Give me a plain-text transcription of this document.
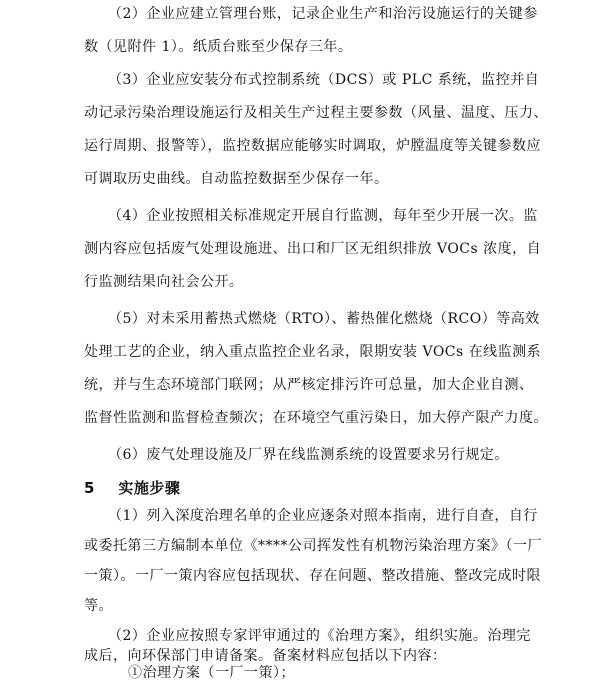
（2）企业应建立管理台账，记录企业生产和治污设施运行的关键参
数（见附件 1）。纸质台账至少保存三年。
（3）企业应安装分布式控制系统（DCS）或 PLC 系统，监控并自
动记录污染治理设施运行及相关生产过程主要参数（风量、温度、压力、
运行周期、报警等），监控数据应能够实时调取，炉膛温度等关键参数应
可调取历史曲线。自动监控数据至少保存一年。
（4）企业按照相关标准规定开展自行监测，每年至少开展一次。监
测内容应包括废气处理设施进、出口和厂区无组织排放 VOCs 浓度，自
行监测结果向社会公开。
（5）对未采用蓄热式燃烧（RTO）、蓄热催化燃烧（RCO）等高效
处理工艺的企业，纳入重点监控企业名录，限期安装 VOCs 在线监测系
统，并与生态环境部门联网；从严核定排污许可总量，加大企业自测、
监督性监测和监督检查频次；在环境空气重污染日，加大停产限产力度。
（6）废气处理设施及厂界在线监测系统的设置要求另行规定。
5 实施步骤
（1）列入深度治理名单的企业应逐条对照本指南，进行自查，自行
或委托第三方编制本单位《****公司挥发性有机物污染治理方案》（一厂
一策）。一厂一策内容应包括现状、存在问题、整改措施、整改完成时限
等。
（2）企业应按照专家评审通过的《治理方案》，组织实施。治理完
成后，向环保部门申请备案。备案材料应包括以下内容：
①治理方案（一厂一策）；
